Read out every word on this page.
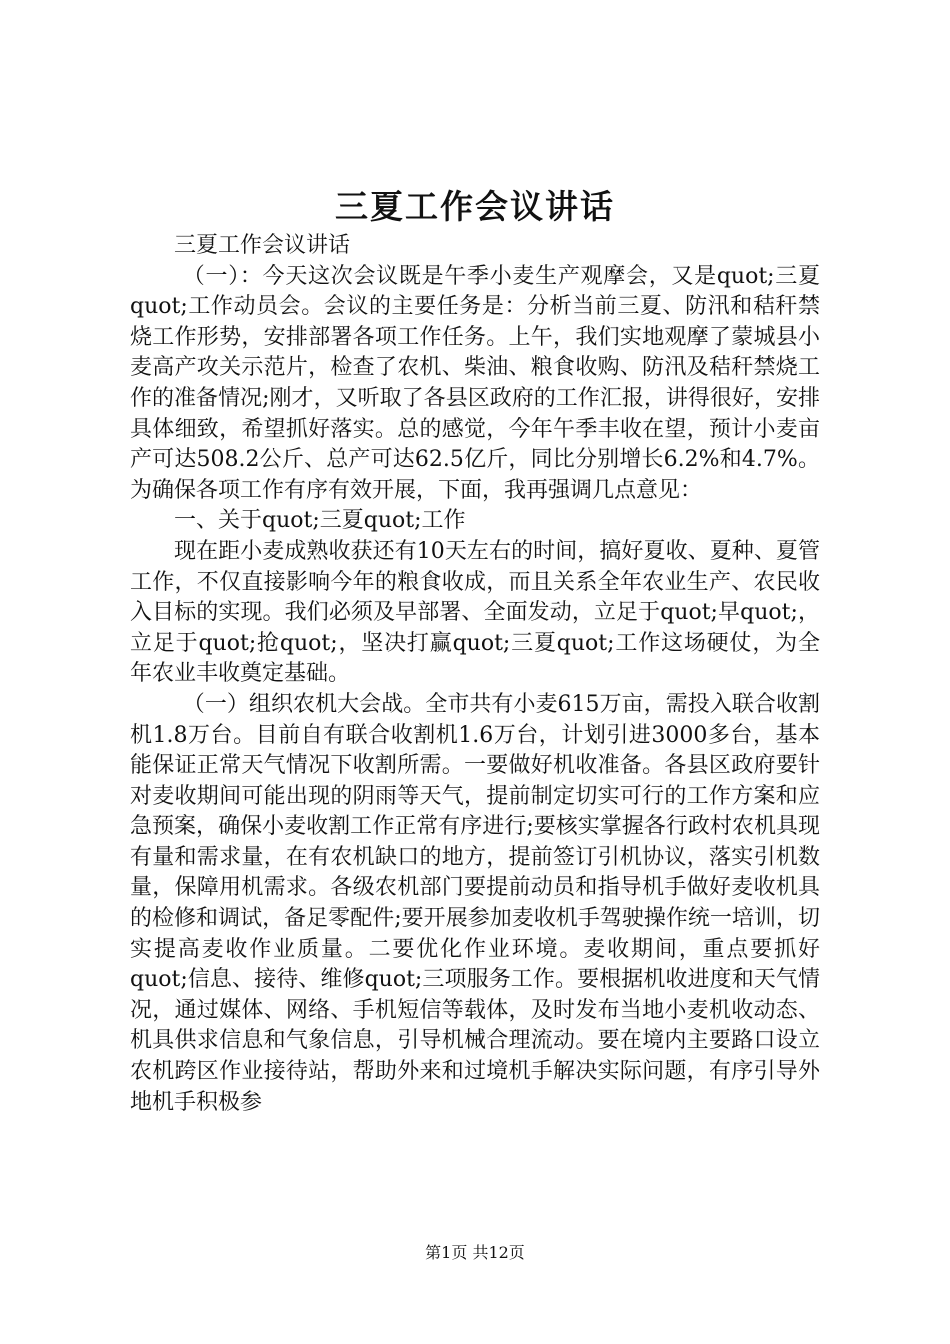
三夏工作会议讲话

三夏工作会议讲话

（一）：今天这次会议既是午季小麦生产观摩会，又是quot;三夏quot;工作动员会。会议的主要任务是：分析当前三夏、防汛和秸秆禁烧工作形势，安排部署各项工作任务。上午，我们实地观摩了蒙城县小麦高产攻关示范片，检查了农机、柴油、粮食收购、防汛及秸秆禁烧工作的准备情况;刚才，又听取了各县区政府的工作汇报，讲得很好，安排具体细致，希望抓好落实。总的感觉，今年午季丰收在望，预计小麦亩产可达508.2公斤、总产可达62.5亿斤，同比分别增长6.2%和4.7%。为确保各项工作有序有效开展，下面，我再强调几点意见：

一、关于quot;三夏quot;工作

现在距小麦成熟收获还有10天左右的时间，搞好夏收、夏种、夏管工作，不仅直接影响今年的粮食收成，而且关系全年农业生产、农民收入目标的实现。我们必须及早部署、全面发动，立足于quot;早quot;，立足于quot;抢quot;，坚决打赢quot;三夏quot;工作这场硬仗，为全年农业丰收奠定基础。

（一）组织农机大会战。全市共有小麦615万亩，需投入联合收割机1.8万台。目前自有联合收割机1.6万台，计划引进3000多台，基本能保证正常天气情况下收割所需。一要做好机收准备。各县区政府要针对麦收期间可能出现的阴雨等天气，提前制定切实可行的工作方案和应急预案，确保小麦收割工作正常有序进行;要核实掌握各行政村农机具现有量和需求量，在有农机缺口的地方，提前签订引机协议，落实引机数量，保障用机需求。各级农机部门要提前动员和指导机手做好麦收机具的检修和调试，备足零配件;要开展参加麦收机手驾驶操作统一培训，切实提高麦收作业质量。二要优化作业环境。麦收期间，重点要抓好quot;信息、接待、维修quot;三项服务工作。要根据机收进度和天气情况，通过媒体、网络、手机短信等载体，及时发布当地小麦机收动态、机具供求信息和气象信息，引导机械合理流动。要在境内主要路口设立农机跨区作业接待站，帮助外来和过境机手解决实际问题，有序引导外地机手积极参

第1页 共12页
